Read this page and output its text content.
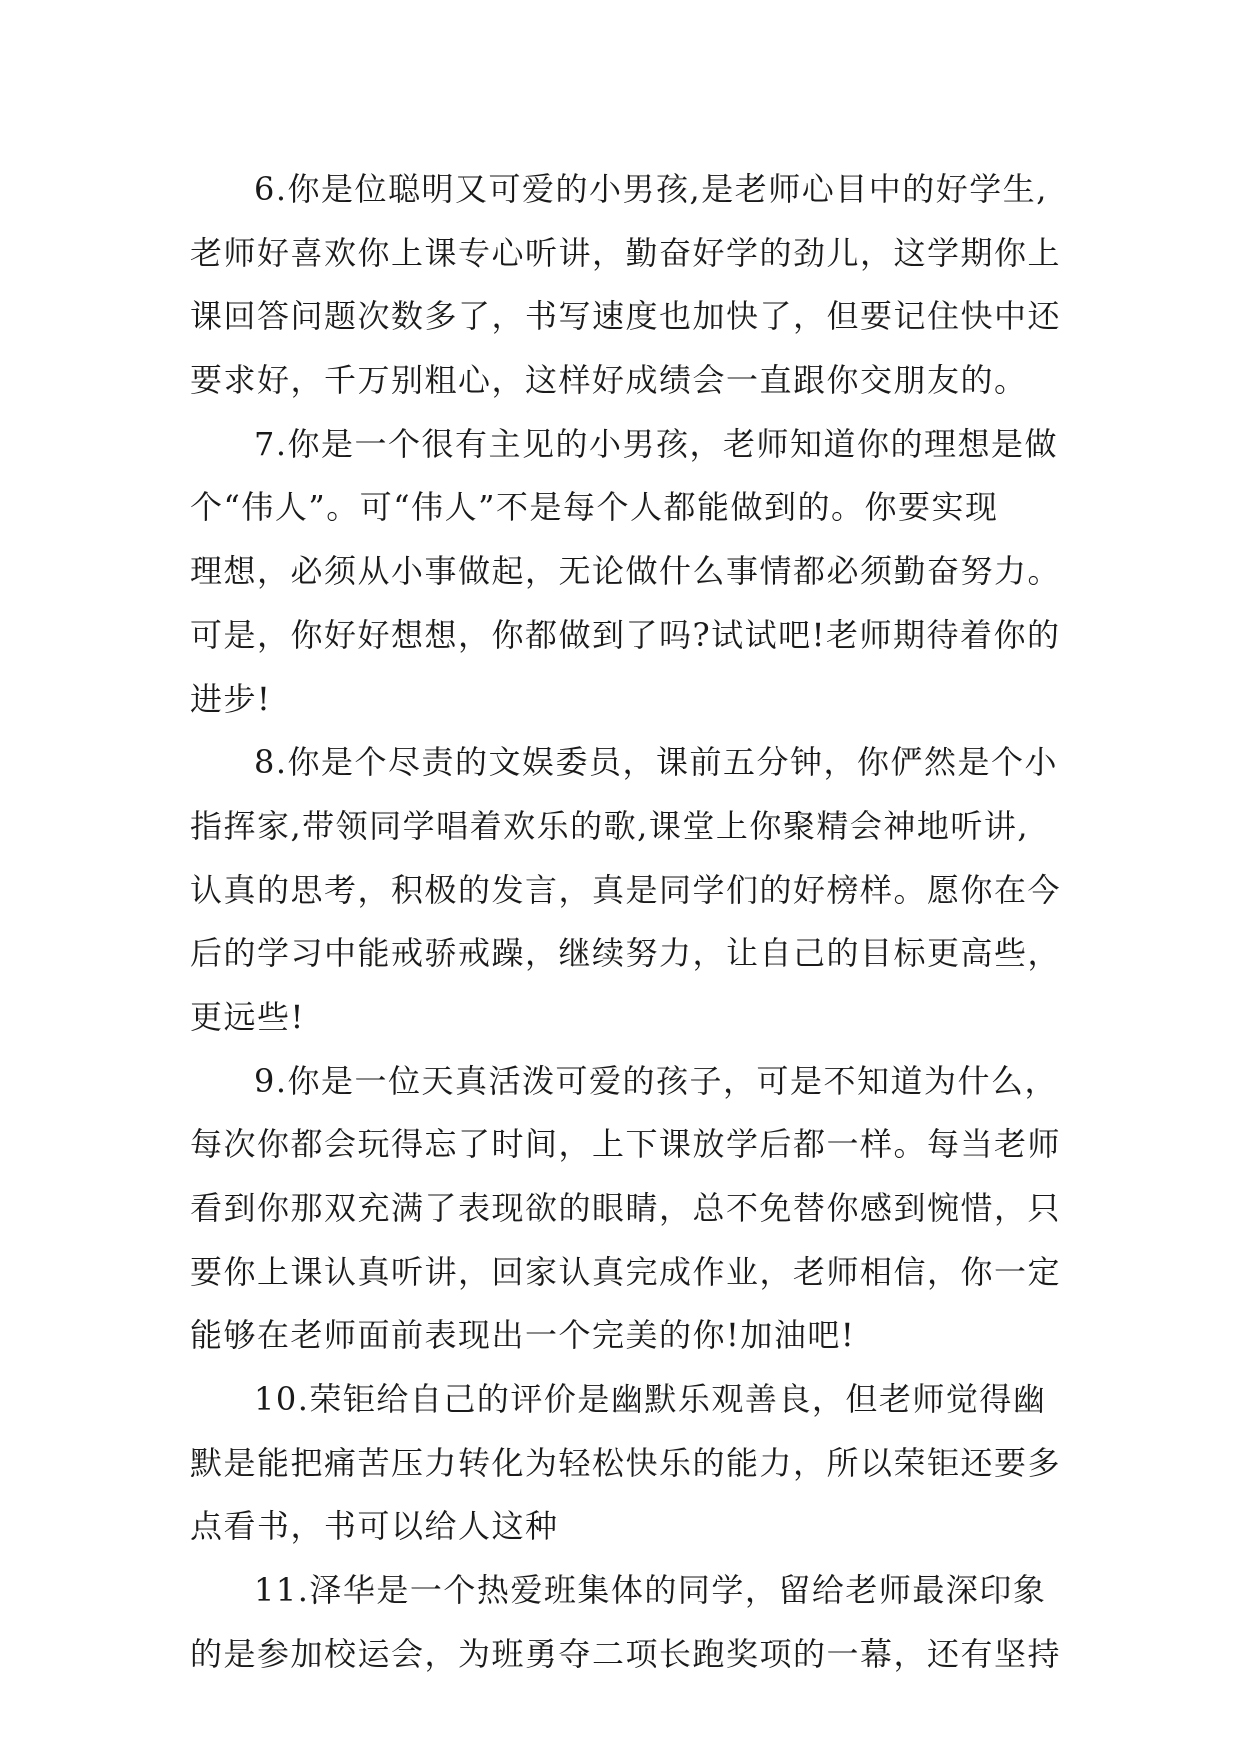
6.你是位聪明又可爱的小男孩,是老师心目中的好学生,
老师好喜欢你上课专心听讲，勤奋好学的劲儿，这学期你上
课回答问题次数多了，书写速度也加快了，但要记住快中还
要求好，千万别粗心，这样好成绩会一直跟你交朋友的。
7.你是一个很有主见的小男孩，老师知道你的理想是做
个“伟人”。可“伟人”不是每个人都能做到的。你要实现
理想，必须从小事做起，无论做什么事情都必须勤奋努力。
可是，你好好想想，你都做到了吗?试试吧!老师期待着你的
进步!
8.你是个尽责的文娱委员，课前五分钟，你俨然是个小
指挥家,带领同学唱着欢乐的歌,课堂上你聚精会神地听讲,
认真的思考，积极的发言，真是同学们的好榜样。愿你在今
后的学习中能戒骄戒躁，继续努力，让自己的目标更高些，
更远些!
9.你是一位天真活泼可爱的孩子，可是不知道为什么，
每次你都会玩得忘了时间，上下课放学后都一样。每当老师
看到你那双充满了表现欲的眼睛，总不免替你感到惋惜，只
要你上课认真听讲，回家认真完成作业，老师相信，你一定
能够在老师面前表现出一个完美的你!加油吧!
10.荣钜给自己的评价是幽默乐观善良，但老师觉得幽
默是能把痛苦压力转化为轻松快乐的能力，所以荣钜还要多
点看书，书可以给人这种
11.泽华是一个热爱班集体的同学，留给老师最深印象
的是参加校运会，为班勇夺二项长跑奖项的一幕，还有坚持
